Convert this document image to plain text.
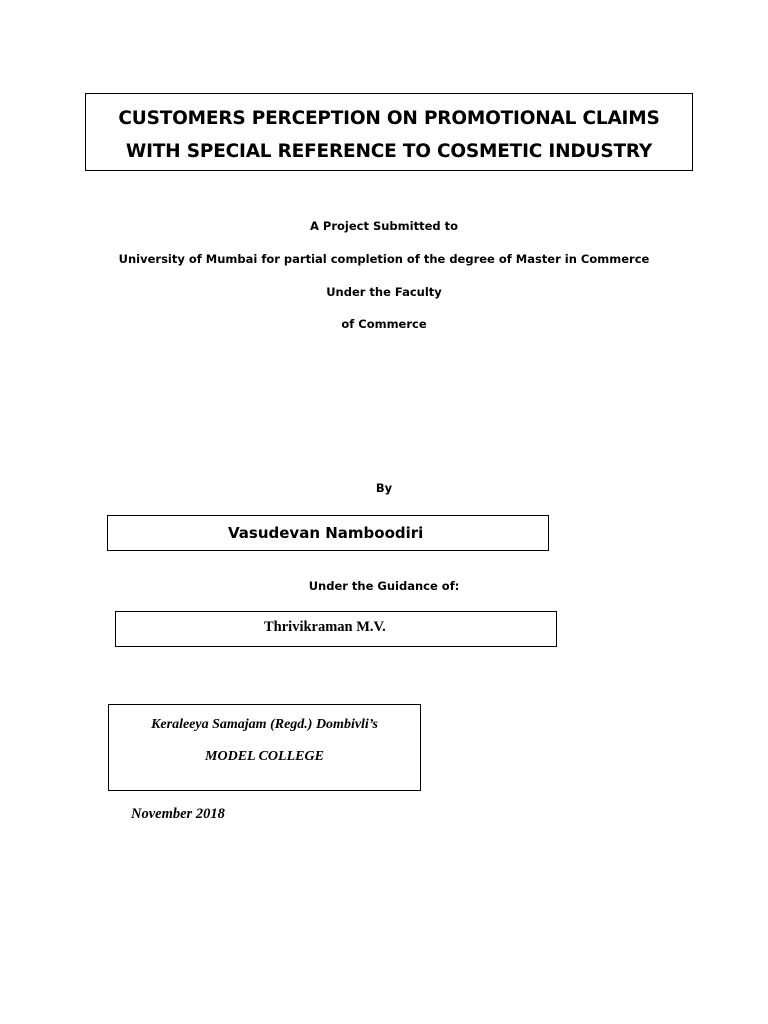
CUSTOMERS PERCEPTION ON PROMOTIONAL CLAIMS
WITH SPECIAL REFERENCE TO COSMETIC INDUSTRY
A Project Submitted to
University of Mumbai for partial completion of the degree of Master in Commerce
Under the Faculty
of Commerce
By
Vasudevan Namboodiri
Under the Guidance of:
Thrivikraman M.V.
Keraleeya Samajam (Regd.) Dombivli’s
MODEL COLLEGE
November 2018
